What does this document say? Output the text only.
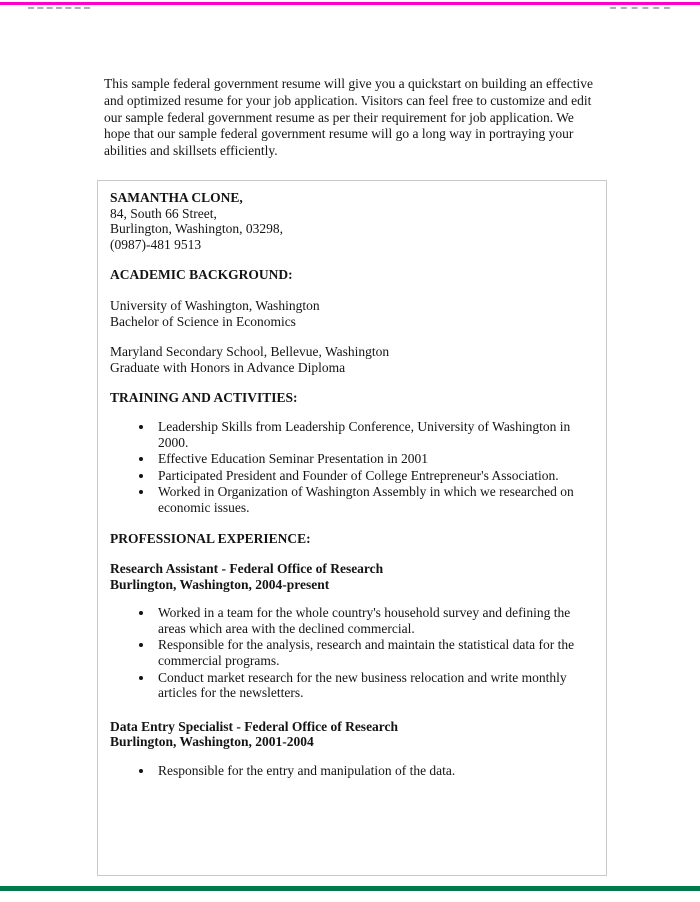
This sample federal government resume will give you a quickstart on building an effective and optimized resume for your job application. Visitors can feel free to customize and edit our sample federal government resume as per their requirement for job application. We hope that our sample federal government resume will go a long way in portraying your abilities and skillsets efficiently.

SAMANTHA CLONE,

84, South 66 Street,

Burlington, Washington, 03298,

(0987)-481 9513

ACADEMIC BACKGROUND:

University of Washington, Washington

Bachelor of Science in Economics

Maryland Secondary School, Bellevue, Washington

Graduate with Honors in Advance Diploma

TRAINING AND ACTIVITIES:

• Leadership Skills from Leadership Conference, University of Washington in 2000.
• Effective Education Seminar Presentation in 2001
• Participated President and Founder of College Entrepreneur's Association.
• Worked in Organization of Washington Assembly in which we researched on economic issues.

PROFESSIONAL EXPERIENCE:

Research Assistant - Federal Office of Research

Burlington, Washington, 2004-present

• Worked in a team for the whole country's household survey and defining the areas which area with the declined commercial.
• Responsible for the analysis, research and maintain the statistical data for the commercial programs.
• Conduct market research for the new business relocation and write monthly articles for the newsletters.

Data Entry Specialist - Federal Office of Research

Burlington, Washington, 2001-2004

• Responsible for the entry and manipulation of the data.
